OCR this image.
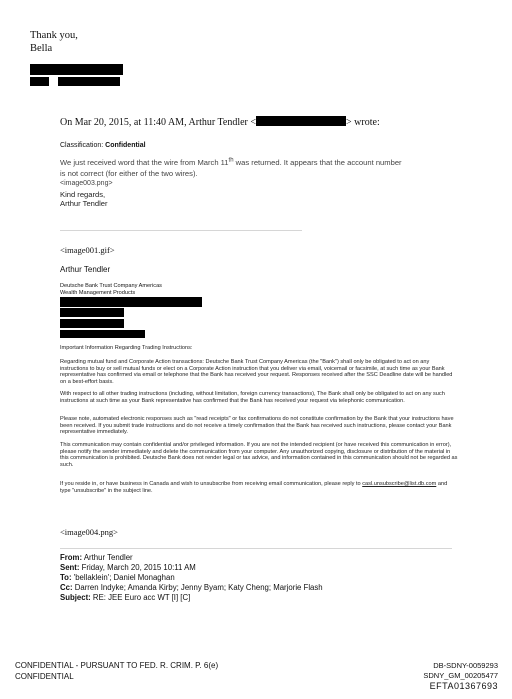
Thank you,
Bella
On Mar 20, 2015, at 11:40 AM, Arthur Tendler <	> wrote:
Classification: Confidential
We just received word that the wire from March 11th was returned. It appears that the account number
is not correct (for either of the two wires).
<image003.png>
Kind regards,
Arthur Tendler
<image001.gif>
Arthur Tendler
Deutsche Bank Trust Company Americas
Wealth Management Products
Important Information Regarding Trading Instructions:
Regarding mutual fund and Corporate Action transactions: Deutsche Bank Trust Company Americas (the "Bank") shall only be obligated to act on any instructions to buy or sell mutual funds or elect on a Corporate Action instruction that you deliver via email, voicemail or facsimile, at such time as your Bank representative has confirmed via email or telephone that the Bank has received your request. Responses received after the SSC Deadline date will be handled on a best-effort basis.
With respect to all other trading instructions (including, without limitation, foreign currency transactions), The Bank shall only be obligated to act on any such instructions at such time as your Bank representative has confirmed that the Bank has received your request via telephonic communication.
Please note, automated electronic responses such as "read receipts" or fax confirmations do not constitute confirmation by the Bank that your instructions have been received. If you submit trade instructions and do not receive a timely confirmation that the Bank has received such instructions, please contact your Bank representative immediately.
This communication may contain confidential and/or privileged information. If you are not the intended recipient (or have received this communication in error), please notify the sender immediately and delete the communication from your computer. Any unauthorized copying, disclosure or distribution of the material in this communication is prohibited. Deutsche Bank does not render legal or tax advice, and information contained in this communication should not be regarded as such.
If you reside in, or have business in Canada and wish to unsubscribe from receiving email communication, please reply to casl.unsubscribe@list.db.com and type "unsubscribe" in the subject line.
<image004.png>
From: Arthur Tendler
Sent: Friday, March 20, 2015 10:11 AM
To: 'bellaklein'; Daniel Monaghan
Cc: Darren Indyke; Amanda Kirby; Jenny Byam; Katy Cheng; Marjorie Flash
Subject: RE: JEE Euro acc WT [I] [C]
CONFIDENTIAL - PURSUANT TO FED. R. CRIM. P. 6(e)
CONFIDENTIAL
DB-SDNY-0059293
SDNY_GM_00205477
EFTA01367693
